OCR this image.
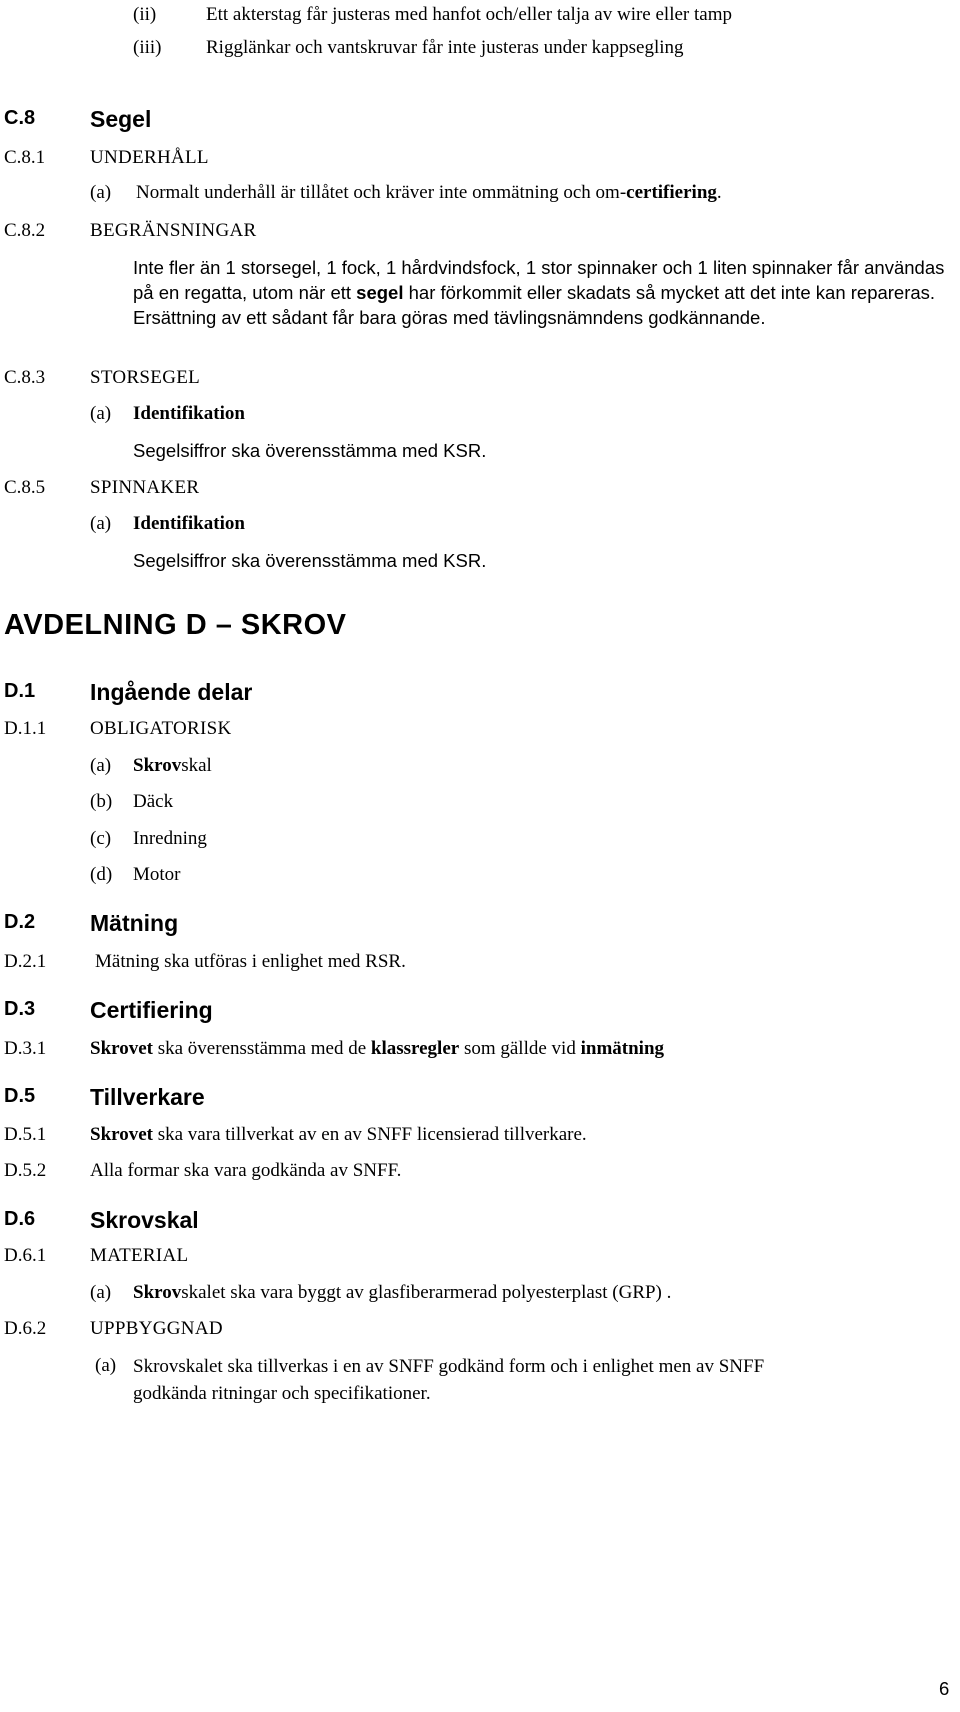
(ii)	Ett akterstag får justeras med hanfot och/eller talja av wire eller tamp
(iii) Rigglänkar och vantskruvar får inte justeras under kappsegling
C.8 Segel
C.8.1 UNDERHÅLL
(a) Normalt underhåll är tillåtet och kräver inte ommätning och om-certifiering.
C.8.2 BEGRÄNSNINGAR
Inte fler än 1 storsegel, 1 fock, 1 hårdvindsfock, 1 stor spinnaker och 1 liten spinnaker får användas på en regatta, utom när ett segel har förkommit eller skadats så mycket att det inte kan repareras. Ersättning av ett sådant får bara göras med tävlingsnämndens godkännande.
C.8.3 STORSEGEL
(a) Identifikation
Segelsiffror ska överensstämma med KSR.
C.8.5 SPINNAKER
(a) Identifikation
Segelsiffror ska överensstämma med KSR.
AVDELNING D – SKROV
D.1 Ingående delar
D.1.1 OBLIGATORISK
(a) Skrovskal
(b) Däck
(c) Inredning
(d) Motor
D.2 Mätning
D.2.1	Mätning ska utföras i enlighet med RSR.
D.3 Certifiering
D.3.1 Skrovet ska överensstämma med de klassregler som gällde vid inmätning
D.5 Tillverkare
D.5.1 Skrovet ska vara tillverkat av en av SNFF licensierad tillverkare.
D.5.2 Alla formar ska vara godkända av SNFF.
D.6 Skrovskal
D.6.1 MATERIAL
(a) Skrovskalet ska vara byggt av glasfiberarmerad polyesterplast (GRP) .
D.6.2 UPPBYGGNAD
(a) Skrovskalet ska tillverkas i en av SNFF godkänd form och i enlighet men av SNFF godkända ritningar och specifikationer.
6
